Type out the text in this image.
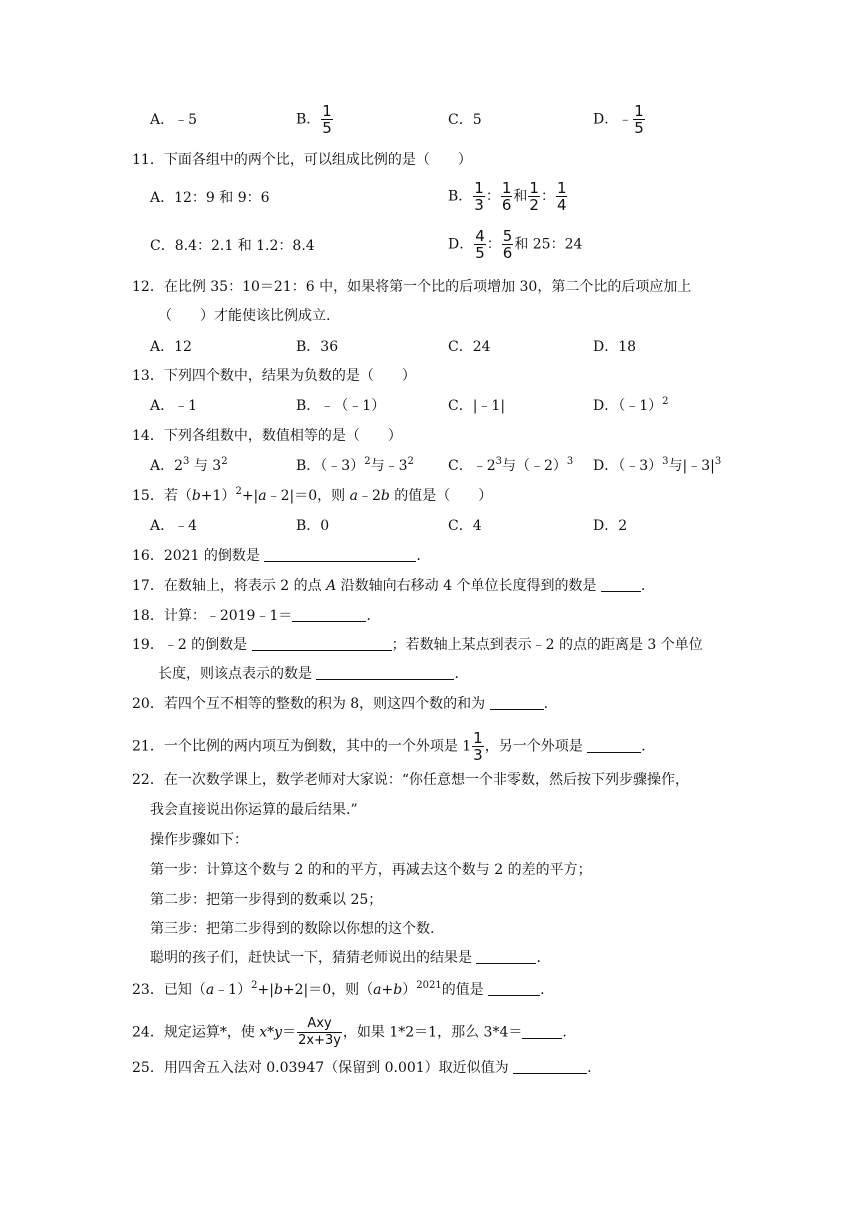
A．﹣5	B． $\frac{1}{5}$	C．5	D．﹣ $\frac{1}{5}$
11．下面各组中的两个比，可以组成比例的是（　　）
A．12：9 和 9：6	B． $\frac{1}{3}$ ： $\frac{1}{6}$ 和 $\frac{1}{2}$ ： $\frac{1}{4}$
C．8.4：2.1 和 1.2：8.4	D． $\frac{4}{5}$ ： $\frac{5}{6}$ 和 25：24
12．在比例 35：10＝21：6 中，如果将第一个比的后项增加 30，第二个比的后项应加上
（　　）才能使该比例成立.
A．12	B．36	C．24	D．18
13．下列四个数中，结果为负数的是（　　）
A．﹣1	B．﹣（﹣1）	C．|﹣1|	D．（﹣1）$^2$
14．下列各组数中，数值相等的是（　　）
A．$2^3$ 与 $3^2$	B．（﹣3）$^2$与$﹣3^2$ C．$﹣2^3$与（﹣2）$^3$ D．（﹣3）$^3$与$|﹣3|^3$
15．若$(b+1)^2+|a﹣2|=0$，则 a﹣2b 的值是（　　）
A．﹣4	B．0	C．4	D．2
16．2021 的倒数是	.
17．在数轴上，将表示 2 的点 A 沿数轴向右移动 4 个单位长度得到的数是	.
18．计算：﹣2019﹣1＝	.
19．﹣2 的倒数是	；若数轴上某点到表示﹣2 的点的距离是 3 个单位
长度，则该点表示的数是	.
20．若四个互不相等的整数的积为 8，则这四个数的和为	.
21．一个比例的两内项互为倒数，其中的一个外项是 $1 \frac{1}{3}$ ，另一个外项是	.
22．在一次数学课上，数学老师对大家说：“你任意想一个非零数，然后按下列步骤操作，
我会直接说出你运算的最后结果.”
操作步骤如下：
第一步：计算这个数与 2 的和的平方，再减去这个数与 2 的差的平方；
第二步：把第一步得到的数乘以 25；
第三步：把第二步得到的数除以你想的这个数.
聪明的孩子们，赶快试一下，猜猜老师说出的结果是	.
23．已知（a﹣1）$^2$+|b+2|＝0，则$(a+b)^{2021}$的值是	.
24．规定运算*，使 $x*y= \frac{\text{Axy}}{2x+3y}$ ，如果 1*2＝1，那么 3*4＝	.
25．用四舍五入法对 0.03947（保留到 0.001）取近似值为	.
